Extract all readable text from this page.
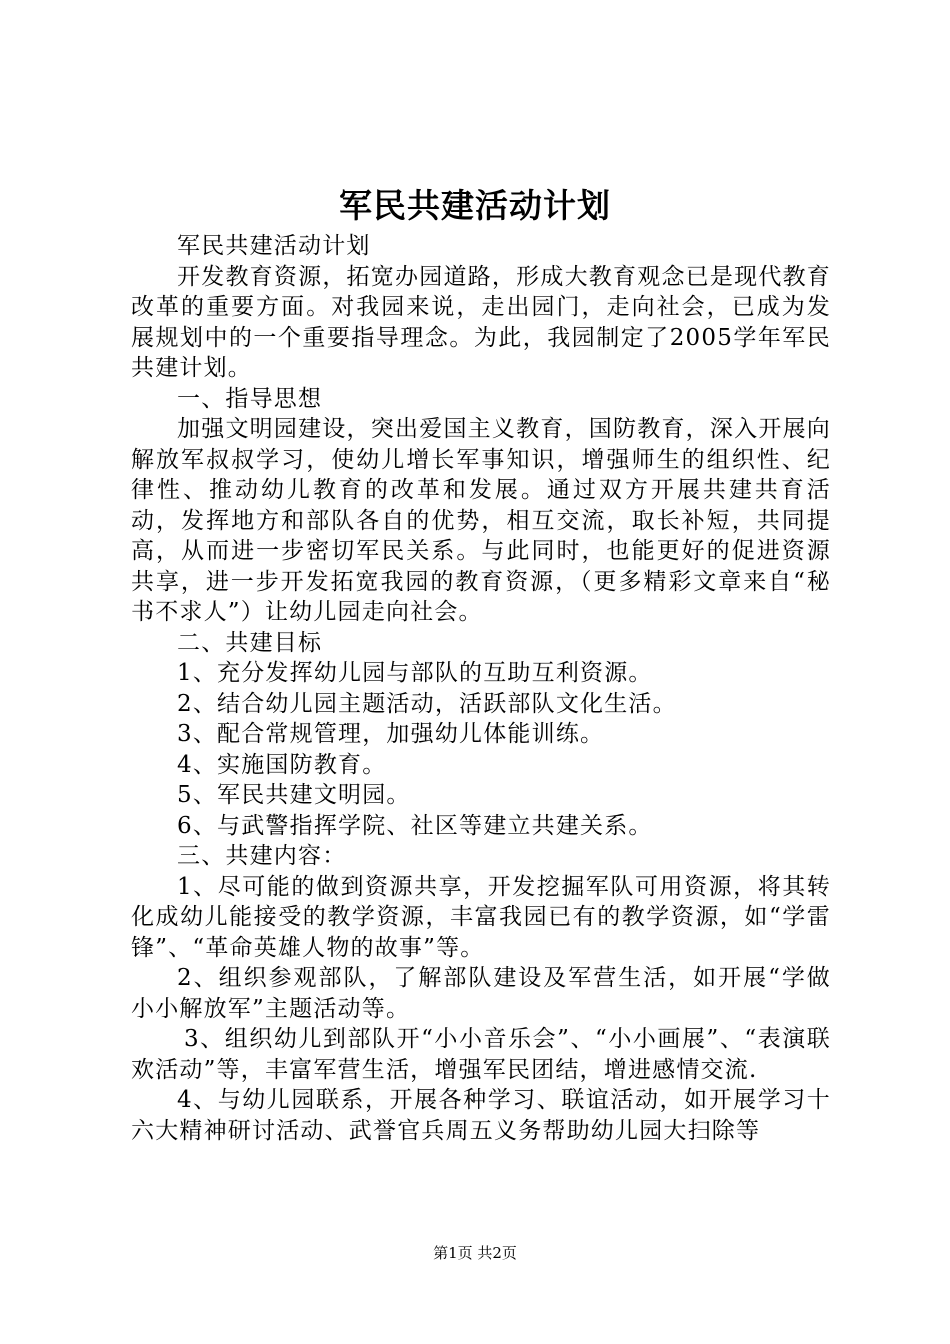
军民共建活动计划

军民共建活动计划

开发教育资源，拓宽办园道路，形成大教育观念已是现代教育改革的重要方面。对我园来说，走出园门，走向社会，已成为发展规划中的一个重要指导理念。为此，我园制定了2005学年军民共建计划。

一、指导思想

加强文明园建设，突出爱国主义教育，国防教育，深入开展向解放军叔叔学习，使幼儿增长军事知识，增强师生的组织性、纪律性、推动幼儿教育的改革和发展。通过双方开展共建共育活动，发挥地方和部队各自的优势，相互交流，取长补短，共同提高，从而进一步密切军民关系。与此同时，也能更好的促进资源共享，进一步开发拓宽我园的教育资源，（更多精彩文章来自“秘书不求人”）让幼儿园走向社会。

二、共建目标

1、充分发挥幼儿园与部队的互助互利资源。

2、结合幼儿园主题活动，活跃部队文化生活。

3、配合常规管理，加强幼儿体能训练。

4、实施国防教育。

5、军民共建文明园。

6、与武警指挥学院、社区等建立共建关系。

三、共建内容：

1、尽可能的做到资源共享，开发挖掘军队可用资源，将其转化成幼儿能接受的教学资源，丰富我园已有的教学资源，如“学雷锋”、“革命英雄人物的故事”等。

2、组织参观部队，了解部队建设及军营生活，如开展“学做小小解放军”主题活动等。

3、组织幼儿到部队开“小小音乐会”、“小小画展”、“表演联欢活动”等，丰富军营生活，增强军民团结，增进感情交流.

4、与幼儿园联系，开展各种学习、联谊活动，如开展学习十六大精神研讨活动、武誉官兵周五义务帮助幼儿园大扫除等

第1页 共2页
